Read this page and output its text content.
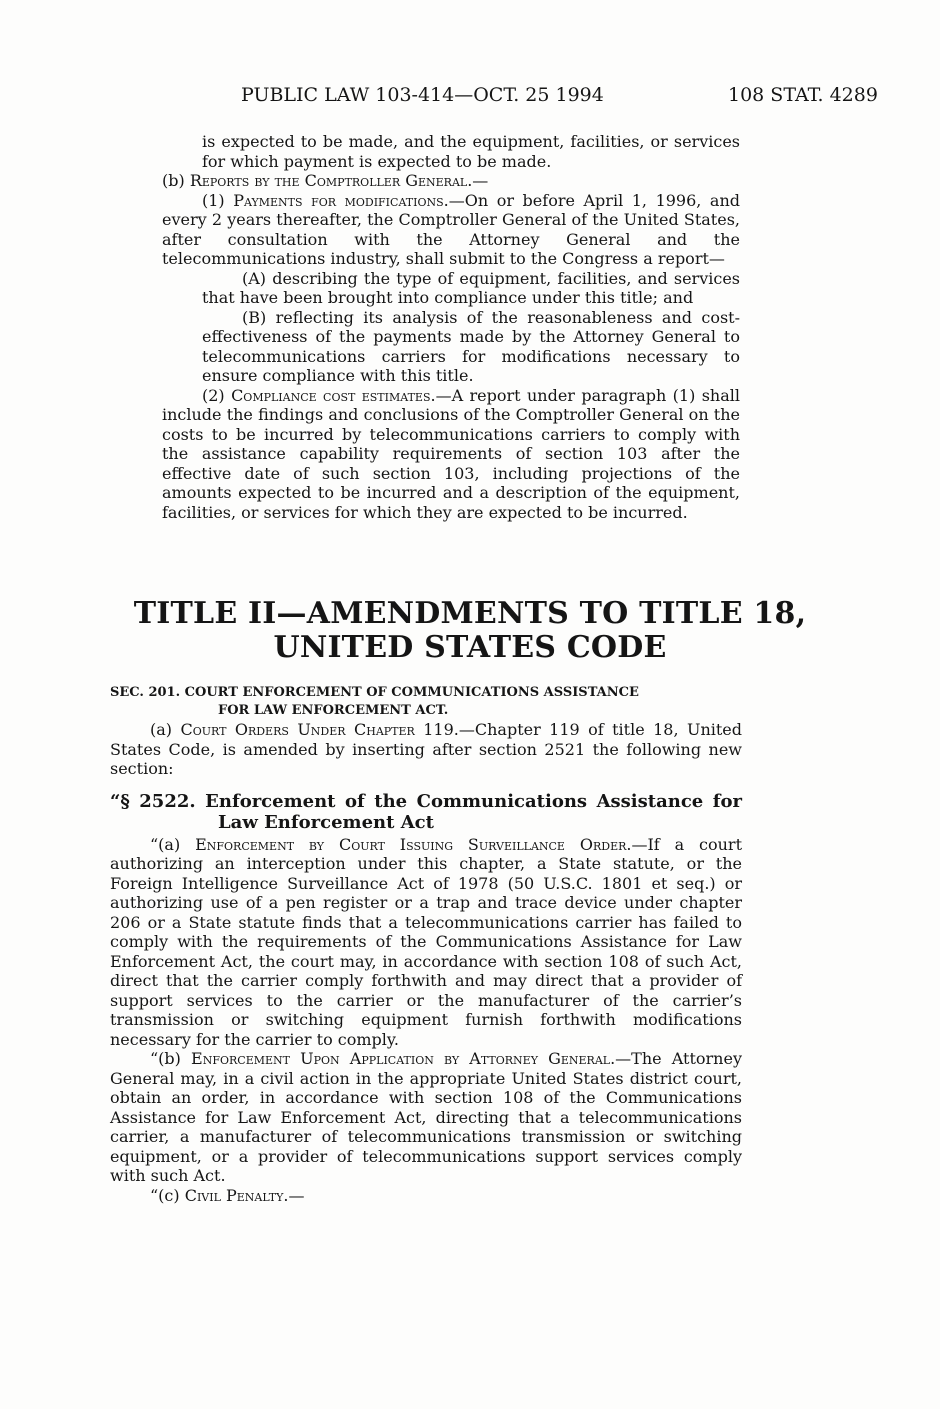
PUBLIC LAW 103-414—OCT. 25 1994	108 STAT. 4289

is expected to be made, and the equipment, facilities, or services for which payment is expected to be made.

(b) Reports by the Comptroller General.—

(1) Payments for modifications.—On or before April 1, 1996, and every 2 years thereafter, the Comptroller General of the United States, after consultation with the Attorney General and the telecommunications industry, shall submit to the Congress a report—

(A) describing the type of equipment, facilities, and services that have been brought into compliance under this title; and

(B) reflecting its analysis of the reasonableness and cost-effectiveness of the payments made by the Attorney General to telecommunications carriers for modifications necessary to ensure compliance with this title.

(2) Compliance cost estimates.—A report under paragraph (1) shall include the findings and conclusions of the Comptroller General on the costs to be incurred by telecommunications carriers to comply with the assistance capability requirements of section 103 after the effective date of such section 103, including projections of the amounts expected to be incurred and a description of the equipment, facilities, or services for which they are expected to be incurred.

TITLE II—AMENDMENTS TO TITLE 18,
UNITED STATES CODE
SEC. 201. COURT ENFORCEMENT OF COMMUNICATIONS ASSISTANCE
FOR LAW ENFORCEMENT ACT.

(a) Court Orders Under Chapter 119.—Chapter 119 of title 18, United States Code, is amended by inserting after section 2521 the following new section:

“§ 2522. Enforcement of the Communications Assistance for Law Enforcement Act

“(a) Enforcement by Court Issuing Surveillance Order.—If a court authorizing an interception under this chapter, a State statute, or the Foreign Intelligence Surveillance Act of 1978 (50 U.S.C. 1801 et seq.) or authorizing use of a pen register or a trap and trace device under chapter 206 or a State statute finds that a telecommunications carrier has failed to comply with the requirements of the Communications Assistance for Law Enforcement Act, the court may, in accordance with section 108 of such Act, direct that the carrier comply forthwith and may direct that a provider of support services to the carrier or the manufacturer of the carrier’s transmission or switching equipment furnish forthwith modifications necessary for the carrier to comply.

“(b) Enforcement Upon Application by Attorney General.—The Attorney General may, in a civil action in the appropriate United States district court, obtain an order, in accordance with section 108 of the Communications Assistance for Law Enforcement Act, directing that a telecommunications carrier, a manufacturer of telecommunications transmission or switching equipment, or a provider of telecommunications support services comply with such Act.

“(c) Civil Penalty.—
